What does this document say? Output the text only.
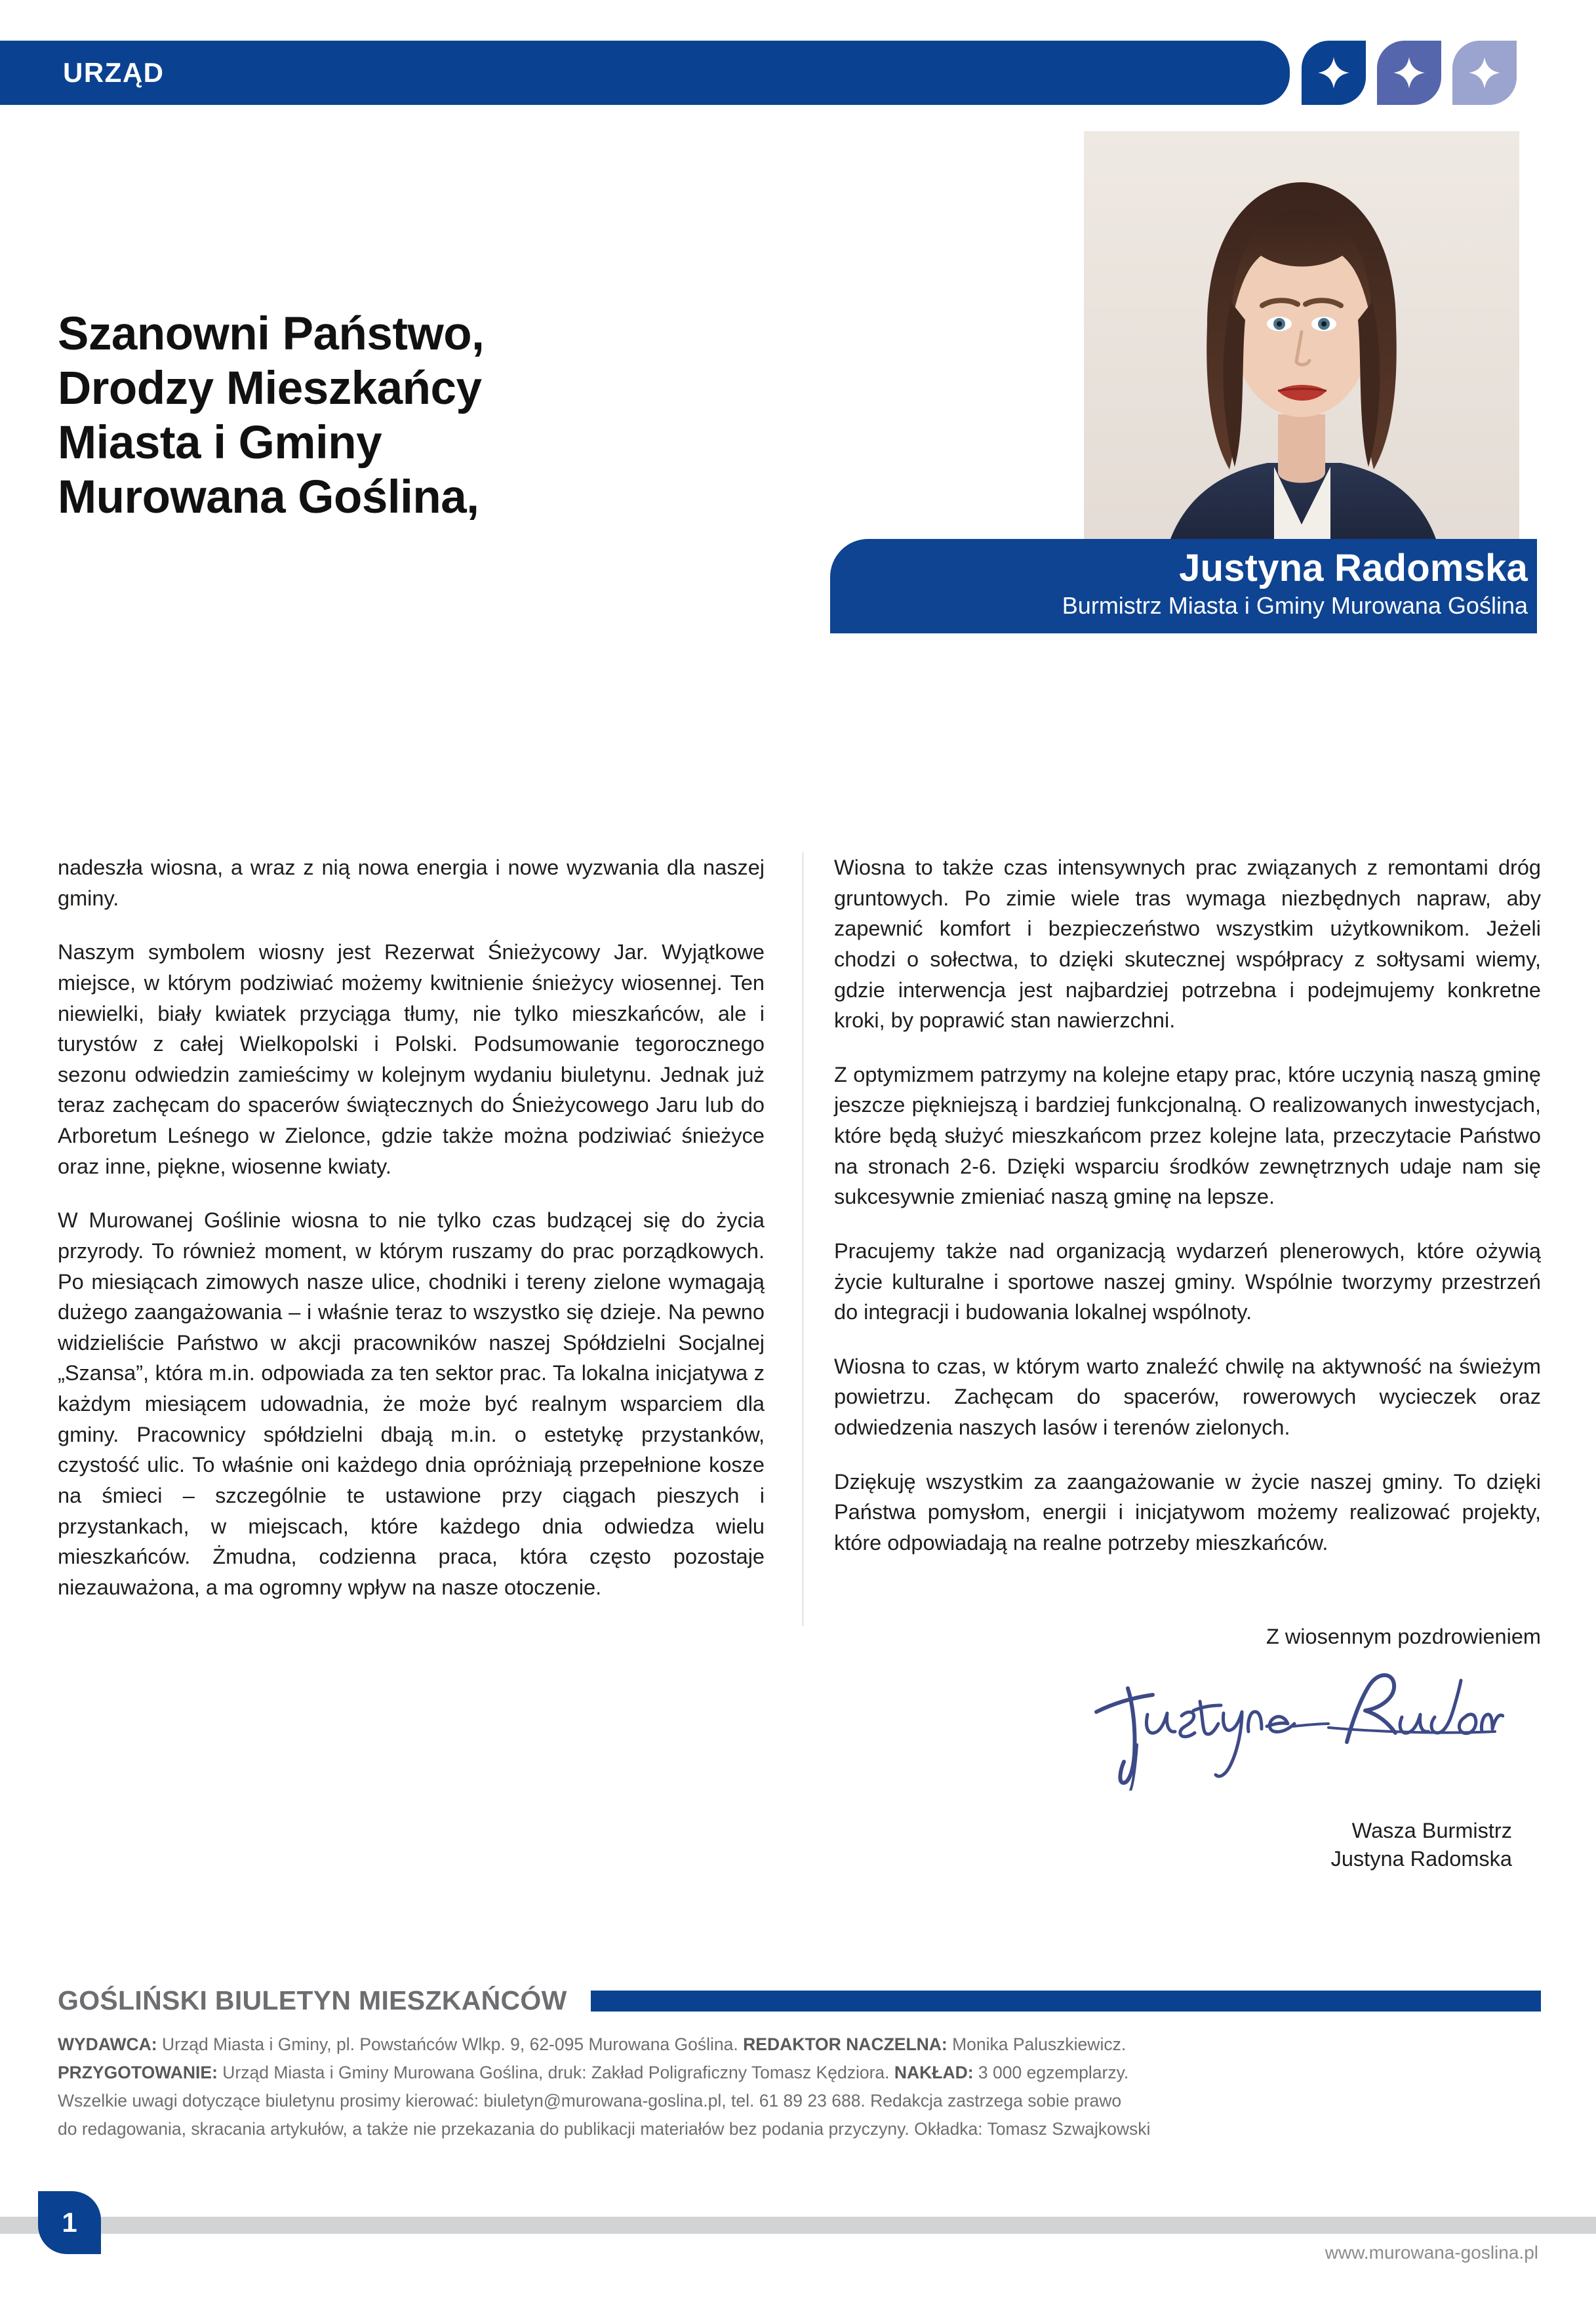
URZĄD
Szanowni Państwo,
Drodzy Mieszkańcy
Miasta i Gminy
Murowana Goślina,
Justyna Radomska
Burmistrz Miasta i Gminy Murowana Goślina

nadeszła wiosna, a wraz z nią nowa energia i nowe wyzwania dla naszej gminy.

Naszym symbolem wiosny jest Rezerwat Śnieżycowy Jar. Wyjątkowe miejsce, w którym podziwiać możemy kwitnienie śnieżycy wiosennej. Ten niewielki, biały kwiatek przyciąga tłumy, nie tylko mieszkańców, ale i turystów z całej Wielkopolski i Polski. Podsumowanie tegorocznego sezonu odwiedzin zamieścimy w kolejnym wydaniu biuletynu. Jednak już teraz zachęcam do spacerów świątecznych do Śnieżycowego Jaru lub do Arboretum Leśnego w Zielonce, gdzie także można podziwiać śnieżyce oraz inne, piękne, wiosenne kwiaty.

W Murowanej Goślinie wiosna to nie tylko czas budzącej się do życia przyrody. To również moment, w którym ruszamy do prac porządkowych. Po miesiącach zimowych nasze ulice, chodniki i tereny zielone wymagają dużego zaangażowania – i właśnie teraz to wszystko się dzieje. Na pewno widzieliście Państwo w akcji pracowników naszej Spółdzielni Socjalnej „Szansa”, która m.in. odpowiada za ten sektor prac. Ta lokalna inicjatywa z każdym miesiącem udowadnia, że może być realnym wsparciem dla gminy. Pracownicy spółdzielni dbają m.in. o estetykę przystanków, czystość ulic. To właśnie oni każdego dnia opróżniają przepełnione kosze na śmieci – szczególnie te ustawione przy ciągach pieszych i przystankach, w miejscach, które każdego dnia odwiedza wielu mieszkańców. Żmudna, codzienna praca, która często pozostaje niezauważona, a ma ogromny wpływ na nasze otoczenie.

Wiosna to także czas intensywnych prac związanych z remontami dróg gruntowych. Po zimie wiele tras wymaga niezbędnych napraw, aby zapewnić komfort i bezpieczeństwo wszystkim użytkownikom. Jeżeli chodzi o sołectwa, to dzięki skutecznej współpracy z sołtysami wiemy, gdzie interwencja jest najbardziej potrzebna i podejmujemy konkretne kroki, by poprawić stan nawierzchni.

Z optymizmem patrzymy na kolejne etapy prac, które uczynią naszą gminę jeszcze piękniejszą i bardziej funkcjonalną. O realizowanych inwestycjach, które będą służyć mieszkańcom przez kolejne lata, przeczytacie Państwo na stronach 2-6. Dzięki wsparciu środków zewnętrznych udaje nam się sukcesywnie zmieniać naszą gminę na lepsze.

Pracujemy także nad organizacją wydarzeń plenerowych, które ożywią życie kulturalne i sportowe naszej gminy. Wspólnie tworzymy przestrzeń do integracji i budowania lokalnej wspólnoty.

Wiosna to czas, w którym warto znaleźć chwilę na aktywność na świeżym powietrzu. Zachęcam do spacerów, rowerowych wycieczek oraz odwiedzenia naszych lasów i terenów zielonych.

Dziękuję wszystkim za zaangażowanie w życie naszej gminy. To dzięki Państwa pomysłom, energii i inicjatywom możemy realizować projekty, które odpowiadają na realne potrzeby mieszkańców.

Z wiosennym pozdrowieniem
Wasza Burmistrz
Justyna Radomska
GOŚLIŃSKI BIULETYN MIESZKAŃCÓW
WYDAWCA: Urząd Miasta i Gminy, pl. Powstańców Wlkp. 9, 62-095 Murowana Goślina. REDAKTOR NACZELNA: Monika Paluszkiewicz.
PRZYGOTOWANIE: Urząd Miasta i Gminy Murowana Goślina, druk: Zakład Poligraficzny Tomasz Kędziora. NAKŁAD: 3 000 egzemplarzy.
Wszelkie uwagi dotyczące biuletynu prosimy kierować: biuletyn@murowana-goslina.pl, tel. 61 89 23 688. Redakcja zastrzega sobie prawo
do redagowania, skracania artykułów, a także nie przekazania do publikacji materiałów bez podania przyczyny. Okładka: Tomasz Szwajkowski
1
www.murowana-goslina.pl
